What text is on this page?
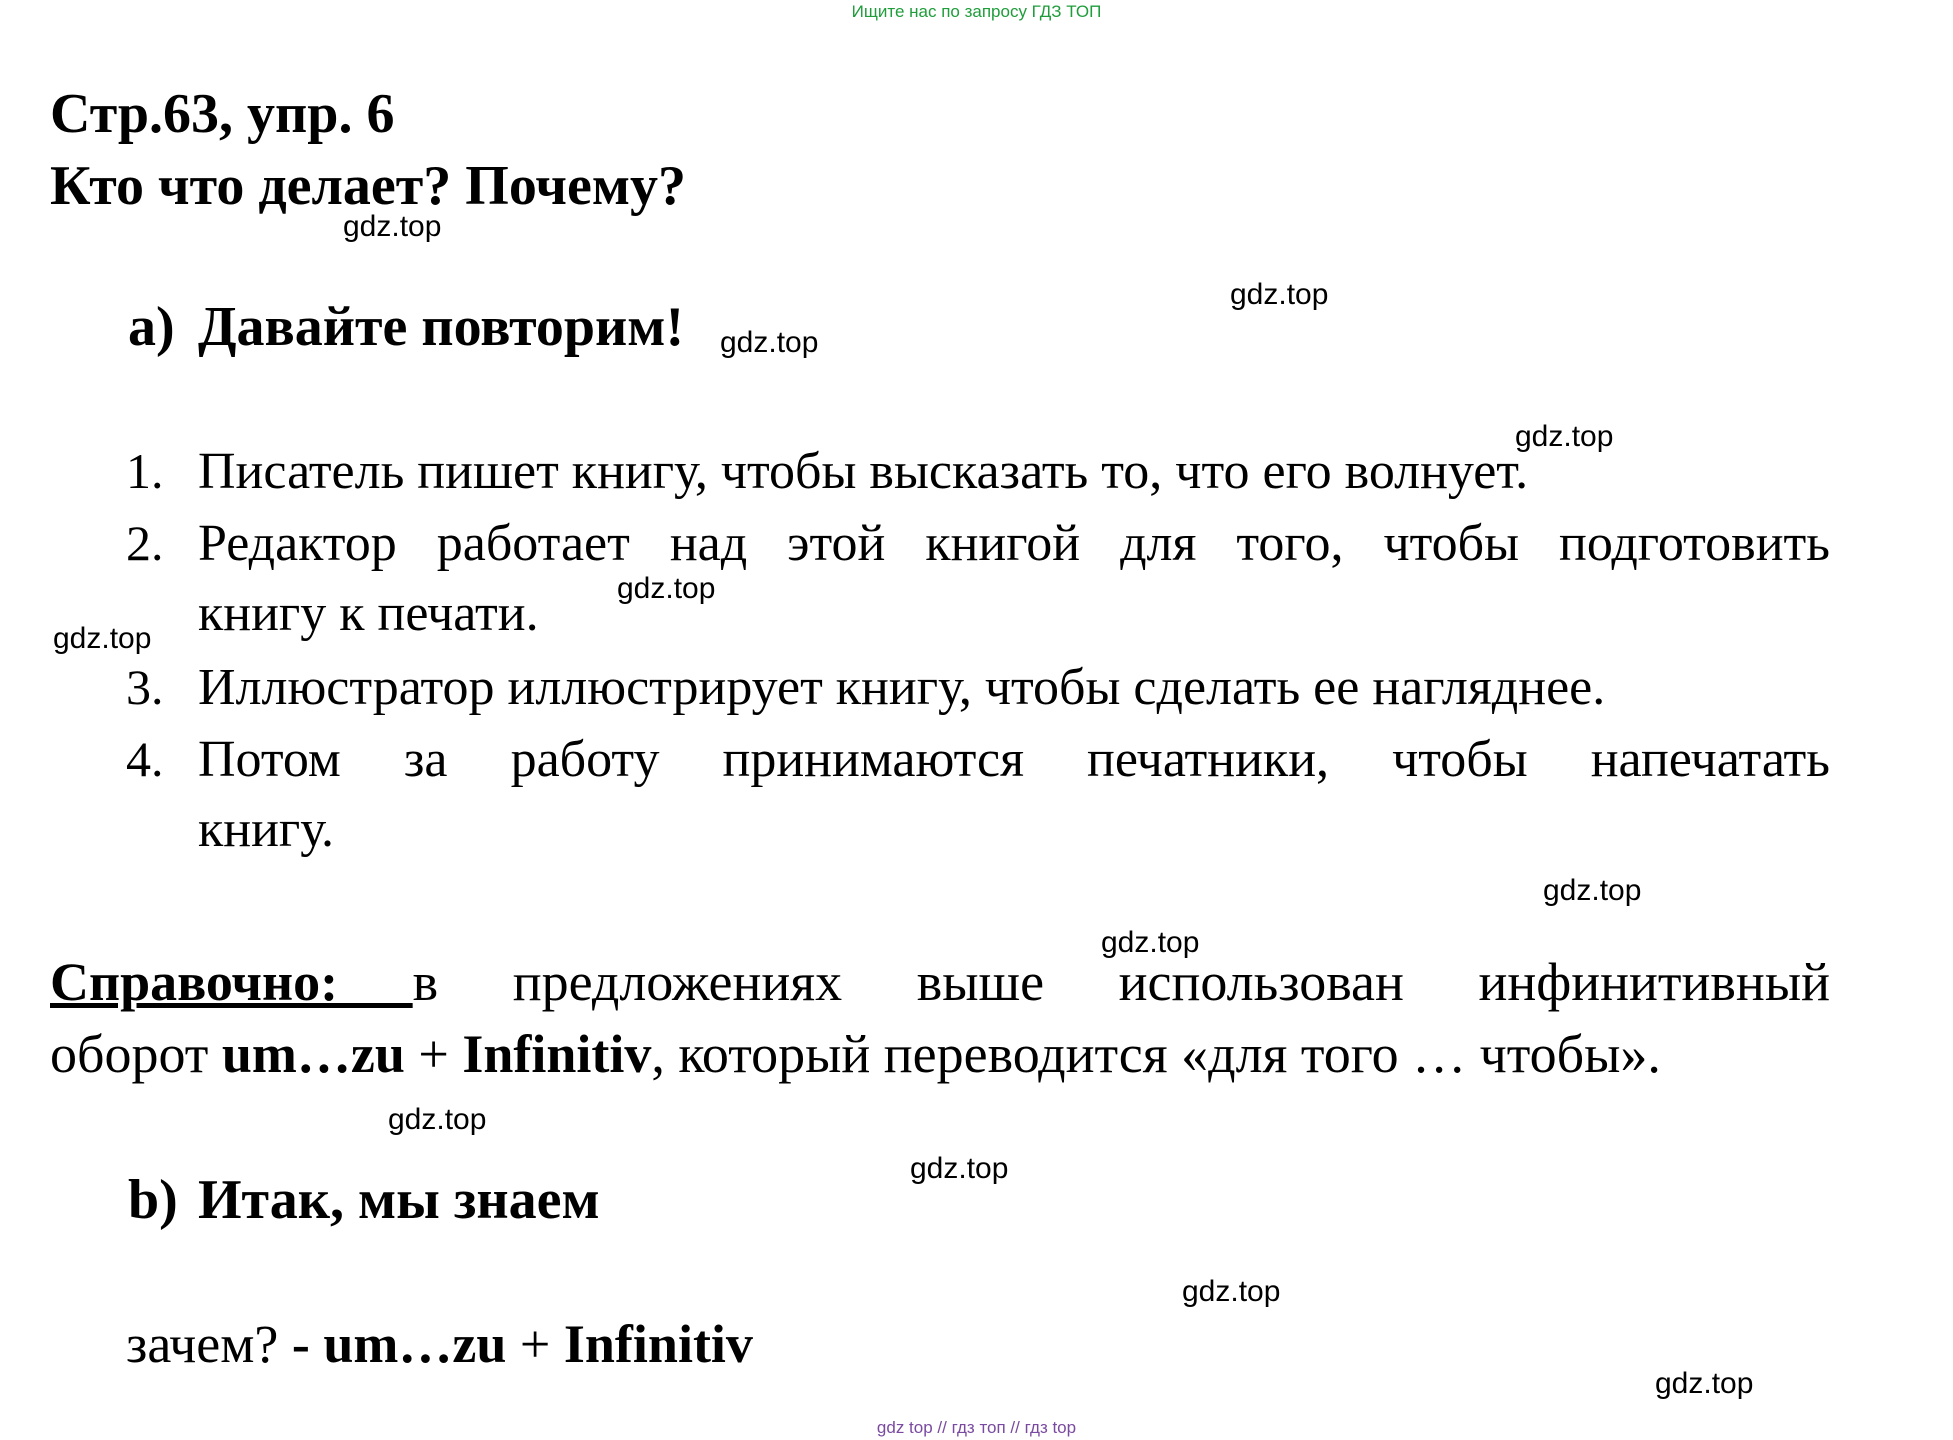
Ищите нас по запросу ГДЗ ТОП
Стр.63, упр. 6
Кто что делает? Почему?
a) Давайте повторим!
1. Писатель пишет книгу, чтобы высказать то, что его волнует.
2. Редактор работает над этой книгой для того, чтобы подготовить
книгу к печати.
3. Иллюстратор иллюстрирует книгу, чтобы сделать ее нагляднее.
4. Потом за работу принимаются печатники, чтобы напечатать
книгу.
Справочно: в предложениях выше использован инфинитивный
оборот um…zu + Infinitiv, который переводится «для того … чтобы».
b) Итак, мы знаем
зачем? - um…zu + Infinitiv
gdz.top
gdz.top
gdz.top
gdz.top
gdz.top
gdz.top
gdz.top
gdz.top
gdz.top
gdz.top
gdz.top
gdz.top
gdz top // гдз топ // гдз top
